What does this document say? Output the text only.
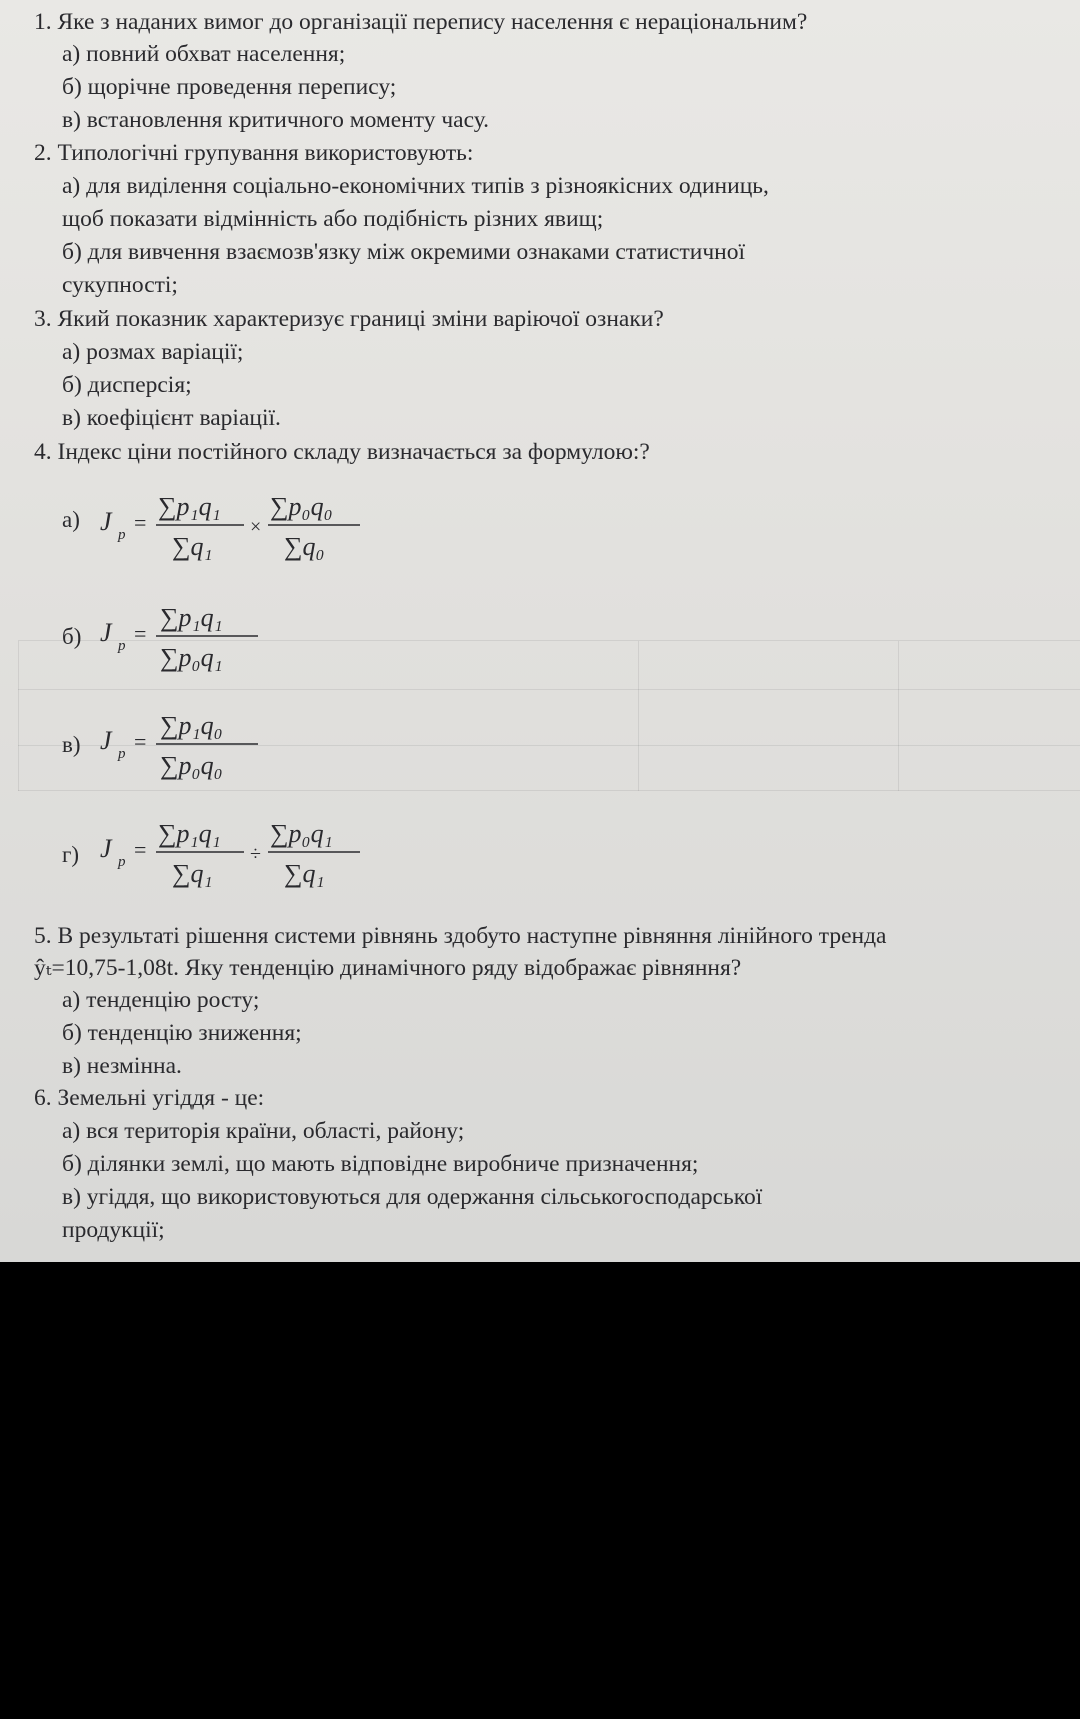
1. Яке з наданих вимог до організації перепису населення є нераціональним?
а) повний обхват населення;
б) щорічне проведення перепису;
в) встановлення критичного моменту часу.
2. Типологічні групування використовують:
а) для виділення соціально-економічних типів з різноякісних одиниць,
щоб показати відмінність або подібність різних явищ;
б) для вивчення взаємозв'язку між окремими ознаками статистичної
сукупності;
3. Який показник характеризує границі зміни варіючої ознаки?
а) розмах варіації;
б) дисперсія;
в) коефіцієнт варіації.
4. Індекс ціни постійного складу визначається за формулою:?
а) J p =
∑p₁q₁
∑q₁
×
∑p₀q₀
∑q₀
б) J p =
∑p₁q₁
∑p₀q₁
в) J p =
∑p₁q₀
∑p₀q₀
г) J p =
∑p₁q₁
∑q₁
÷
∑p₀q₁
∑q₁
5. В результаті рішення системи рівнянь здобуто наступне рівняння лінійного тренда
ŷₜ=10,75-1,08t. Яку тенденцію динамічного ряду відображає рівняння?
а) тенденцію росту;
б) тенденцію зниження;
в) незмінна.
6. Земельні угіддя - це:
а) вся територія країни, області, району;
б) ділянки землі, що мають відповідне виробниче призначення;
в) угіддя, що використовуються для одержання сільськогосподарської
продукції;
